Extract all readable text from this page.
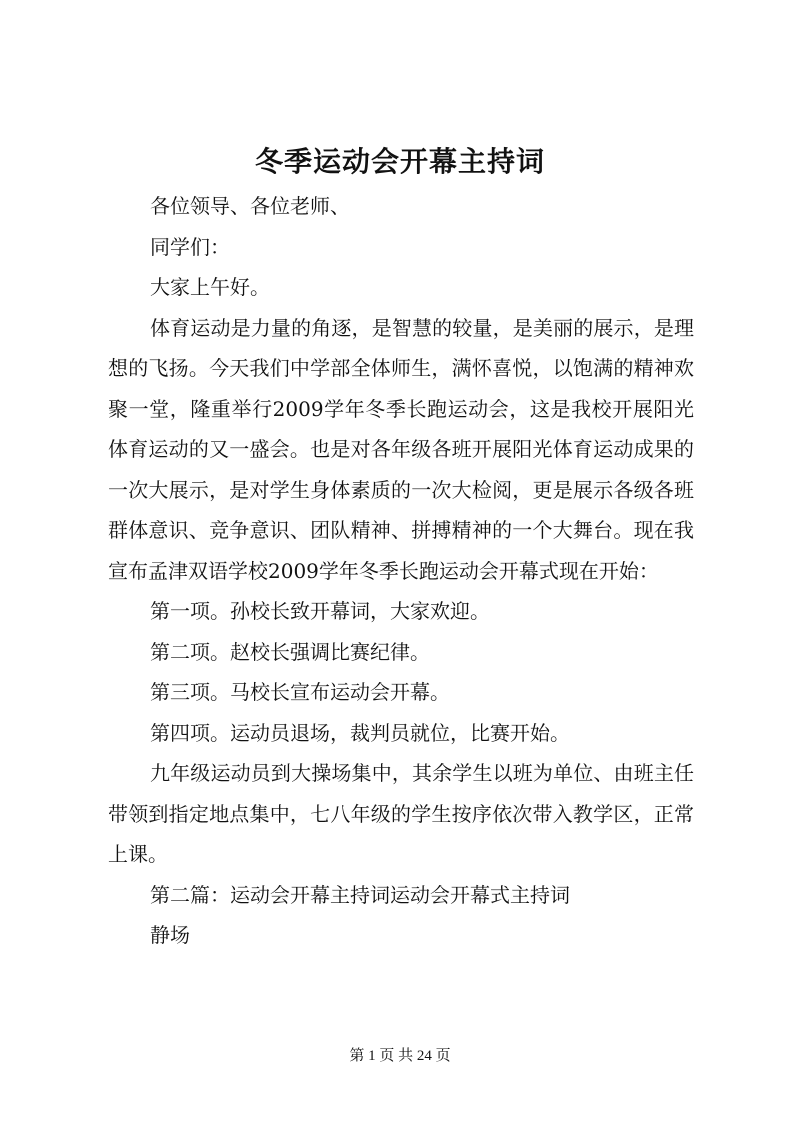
冬季运动会开幕主持词

各位领导、各位老师、

同学们：

大家上午好。

体育运动是力量的角逐，是智慧的较量，是美丽的展示，是理想的飞扬。今天我们中学部全体师生，满怀喜悦，以饱满的精神欢聚一堂，隆重举行2009学年冬季长跑运动会，这是我校开展阳光体育运动的又一盛会。也是对各年级各班开展阳光体育运动成果的一次大展示，是对学生身体素质的一次大检阅，更是展示各级各班群体意识、竞争意识、团队精神、拼搏精神的一个大舞台。现在我宣布孟津双语学校2009学年冬季长跑运动会开幕式现在开始：

第一项。孙校长致开幕词，大家欢迎。

第二项。赵校长强调比赛纪律。

第三项。马校长宣布运动会开幕。

第四项。运动员退场，裁判员就位，比赛开始。

九年级运动员到大操场集中，其余学生以班为单位、由班主任带领到指定地点集中，七八年级的学生按序依次带入教学区，正常上课。

第二篇：运动会开幕主持词运动会开幕式主持词

静场

第 1 页 共 24 页
